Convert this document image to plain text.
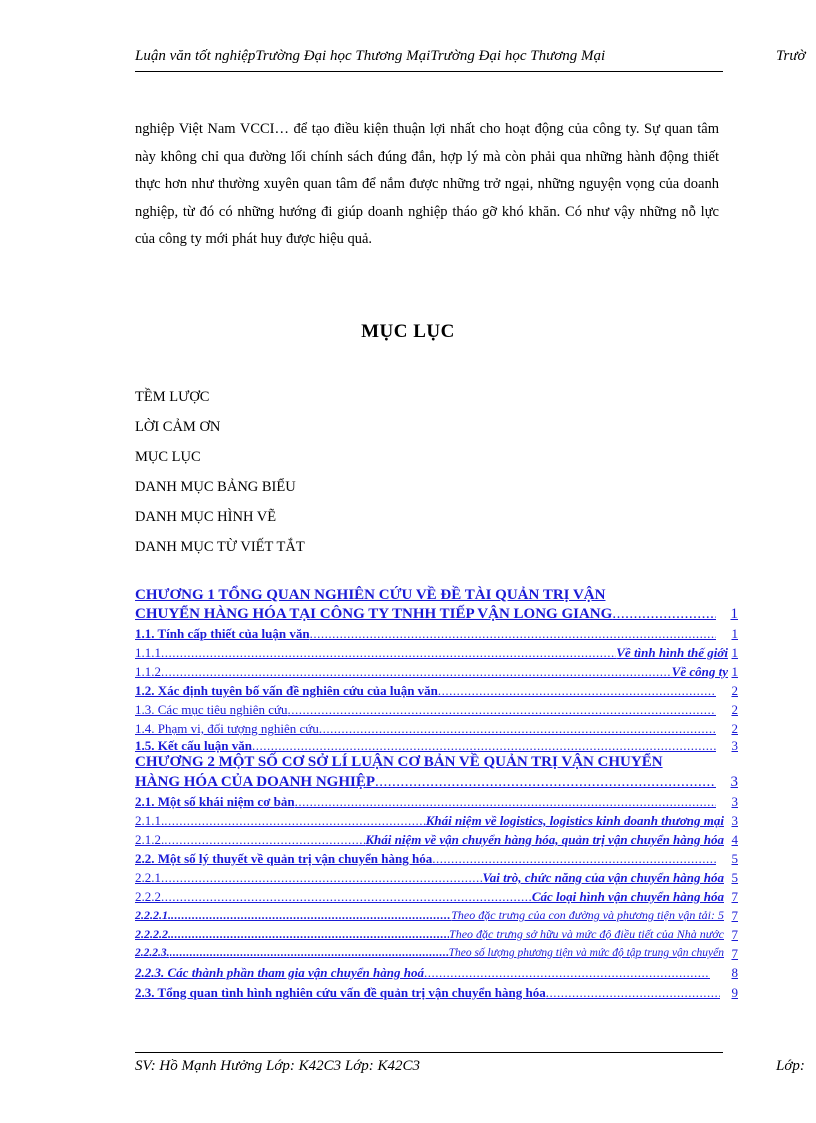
Luận văn tốt nghiệpTrường Đại học Thương MạiTrường Đại học Thương Mại	Trườ
nghiệp Việt Nam VCCI… để tạo điều kiện thuận lợi nhất cho hoạt động của công ty. Sự quan tâm này không chỉ qua đường lối chính sách đúng đắn, hợp lý mà còn phải qua những hành động thiết thực hơn như thường xuyên quan tâm để nắm được những trở ngại, những nguyện vọng của doanh nghiệp, từ đó có những hướng đi giúp doanh nghiệp tháo gỡ khó khăn. Có như vậy những nỗ lực của công ty mới phát huy được hiệu quả.
MỤC LỤC
TỀM LƯỢC
LỜI CẢM ƠN
MỤC LỤC
DANH MỤC BẢNG BIỂU
DANH MỤC HÌNH VẼ
DANH MỤC TỪ VIẾT TẮT
CHƯƠNG 1 TỔNG QUAN NGHIÊN CỨU VỀ ĐỀ TÀI QUẢN TRỊ VẬN
CHUYỂN HÀNG HÓA TẠI CÔNG TY TNHH TIẾP VẬN LONG GIANG .....	1
1.1. Tính cấp thiết của luận văn .....	1
1.1.1 .....	Về tình hình thế giới 1
1.1.2 .....	Về công ty 1
1.2. Xác định tuyên bố vấn đề nghiên cứu của luận văn .....	2
1.3. Các mục tiêu nghiên cứu .....	2
1.4. Phạm vi, đối tượng nghiên cứu .....	2
1.5. Kết cấu luận văn .....	3
CHƯƠNG 2 MỘT SỐ CƠ SỞ LÍ LUẬN CƠ BẢN VỀ QUẢN TRỊ VẬN CHUYỂN
HÀNG HÓA CỦA DOANH NGHIỆP .....	3
2.1. Một số khái niệm cơ bản .....	3
2.1.1. .....	Khái niệm về logistics, logistics kinh doanh thương mại 3
2.1.2. .....	Khái niệm về vận chuyển hàng hóa, quản trị vận chuyển hàng hóa 4
2.2. Một số lý thuyết về quản trị vận chuyển hàng hóa .....	5
2.2.1 .....	Vai trò, chức năng của vận chuyển hàng hóa 5
2.2.2 .....	Các loại hình vận chuyển hàng hóa 7
2.2.2.1. .....	Theo đặc trưng của con đường và phương tiện vận tải: 5 7
2.2.2.2. .....	Theo đặc trưng sở hữu và mức độ điều tiết của Nhà nước 7
2.2.2.3. .....	Theo số lượng phương tiện và mức độ tập trung vận chuyển 7
2.2.3. Các thành phần tham gia vận chuyển hàng hoá .....	8
2.3. Tổng quan tình hình nghiên cứu vấn đề quản trị vận chuyển hàng hóa .....	9
SV: Hồ Mạnh Hưởng Lớp: K42C3 Lớp: K42C3	Lớp:
